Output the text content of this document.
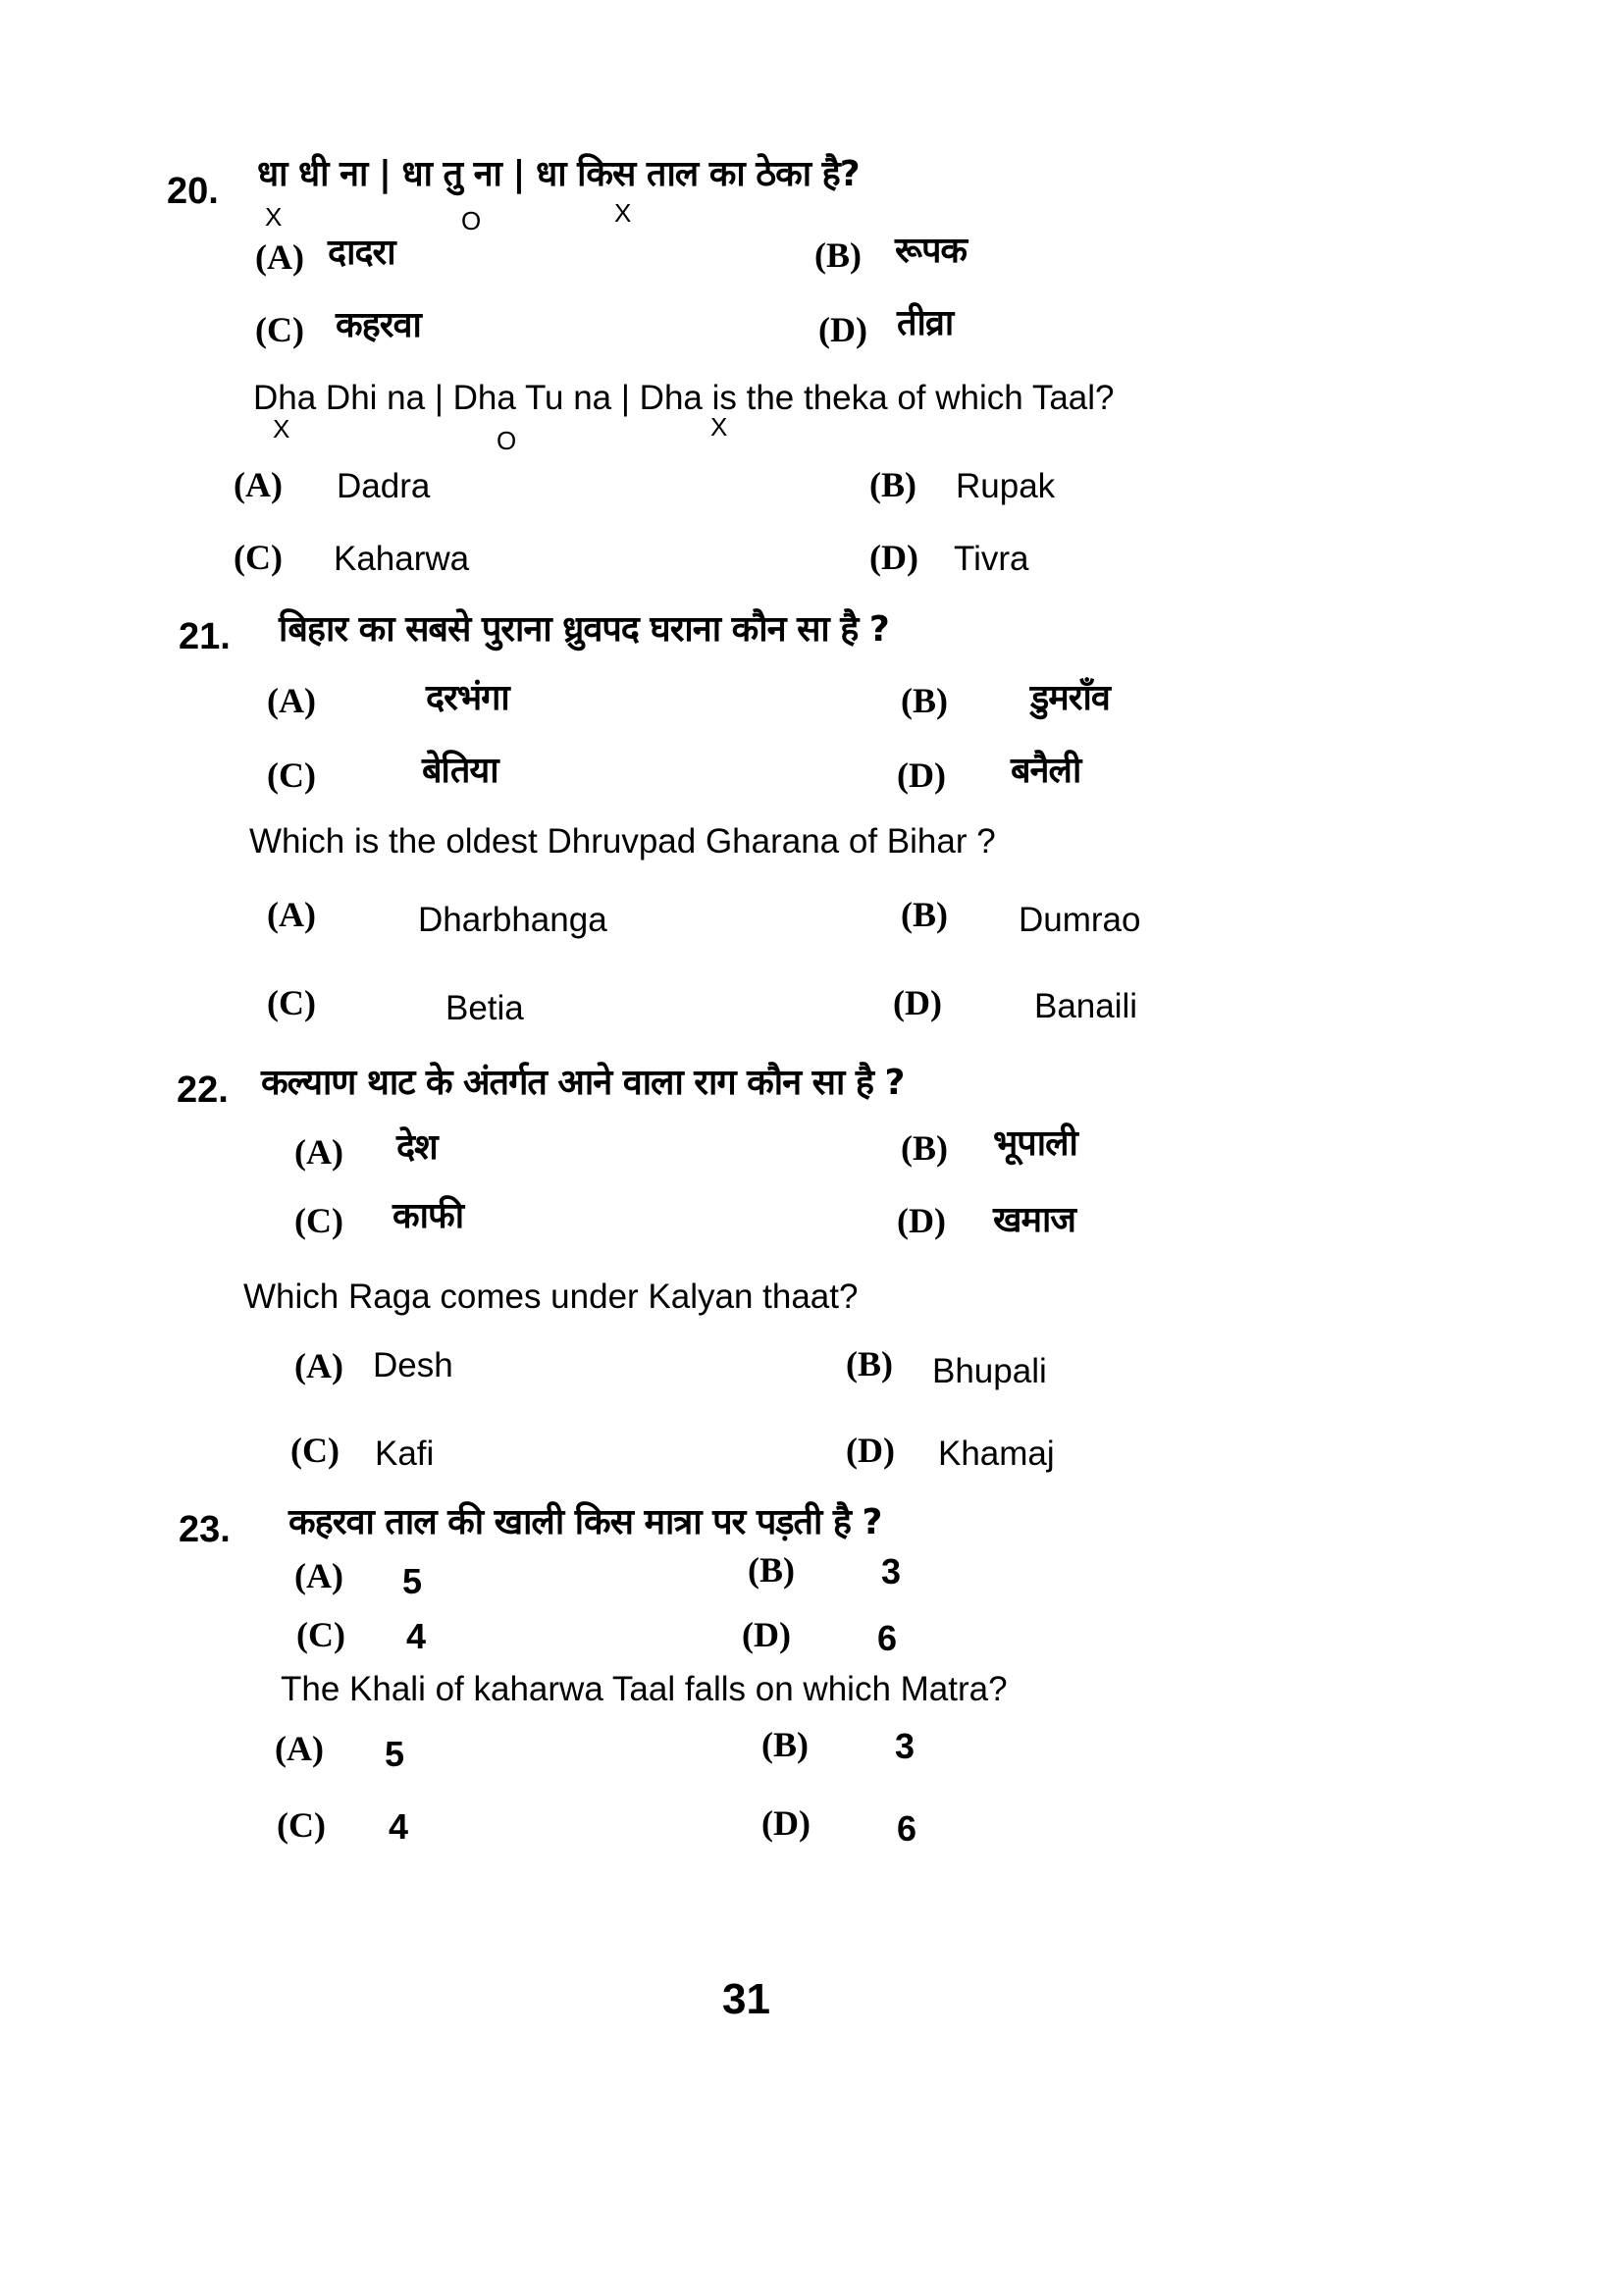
20. धा धी ना | धा तु ना | धा किस ताल का ठेका है?
X	O	X
(A) दादरा	(B) रूपक
(C) कहरवा	(D) तीव्रा
Dha Dhi na | Dha Tu na | Dha is the theka of which Taal?
X	O	X
(A) Dadra	(B) Rupak
(C) Kaharwa	(D) Tivra
21. बिहार का सबसे पुराना ध्रुवपद घराना कौन सा है ?
(A)	दरभंगा	(B) डुमराँव
(C)	बेतिया	(D) बनैली
Which is the oldest Dhruvpad Gharana of Bihar ?
(A)	Dharbhanga	(B) Dumrao
(C)	Betia	(D)	Banaili
22. कल्याण थाट के अंतर्गत आने वाला राग कौन सा है ?
(A) देश	(B) भूपाली
(C) काफी	(D) खमाज
Which Raga comes under Kalyan thaat?
(A) Desh	(B) Bhupali
(C) Kafi	(D) Khamaj
23. कहरवा ताल की खाली किस मात्रा पर पड़ती है ?
(A) 5	(B) 3
(C) 4	(D) 6
The Khali of kaharwa Taal falls on which Matra?
(A) 5	(B) 3
(C) 4	(D) 6
31
